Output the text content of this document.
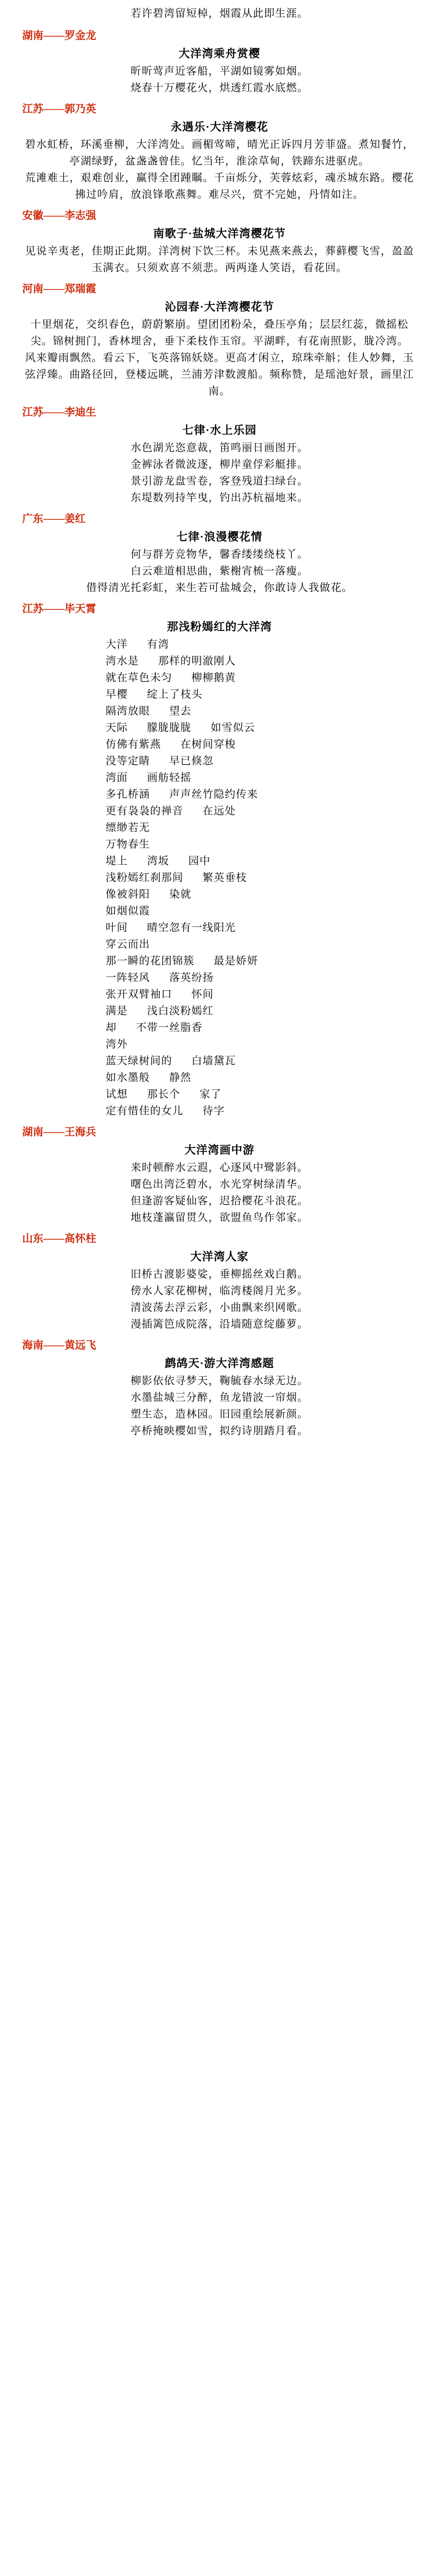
若许碧湾留短棹，烟霞从此即生涯。
湖南——罗金龙
大洋湾乘舟赏樱
昕昕莺声近客船，平湖如镜雾如烟。
烧春十万樱花火，烘透红霞水底燃。
江苏——郭乃英
永遇乐·大洋湾樱花
碧水虹桥，环溪垂柳，大洋湾处。画楣莺啼，晴光正诉四月芳菲盛。煮知餐竹，亭湖绿野，盆盏盏曾佳。忆当年，淮涂草甸，铁蹄东进驱虎。
荒滩难土，艰难创业，赢得全团踵瞩。千亩烁分，芙蓉炫彩，魂丞城东路。樱花拂过吟肩，放浪锋歌燕舞。难尽兴，赏不完她，丹情如注。
安徽——李志强
南歌子·盐城大洋湾樱花节
见说辛夷老，佳期正此期。洋湾树下饮三杯。未见燕来燕去，葬藓樱飞雪，盈盈玉满衣。只须欢喜不须悲。两两逢人笑语，看花回。
河南——郑瑞霞
沁园春·大洋湾樱花节
十里烟花，交织春色，蔚蔚繁崩。望团团粉朵，叠压亭角；层层红蕊，微摇松尖。锦树拥门，香林埋舍，垂下柔枝作玉帘。平湖畔，有花南照影，胧冷湾。
风来瓣雨飘然。看云下，飞英落锦妖娆。更高才闲立，琼珠牵斛；佳人妙舞，玉弦浮臻。曲路径回，登楼远眺，兰浦芳津数渡船。频称赞，是瑶池好景，画里江南。
江苏——李迪生
七律·水上乐园
水色湖光恣意裁，笛鸣丽日画图开。
金裤泳者微波逐，柳岸童俘彩艇排。
景引游龙盘雪卷，客登残道扫绿台。
东堤数列持竿曳，钓出苏杭福地来。
广东——姜红
七律·浪漫樱花情
何与群芳竞物华，馨香缕缕绕枝丫。
白云难道相思曲，紫榭宵梳一落瘦。
借得清光托彩虹，来生若可盐城会，你敢诗人我做花。
江苏——毕天霄
那浅粉嫣红的大洋湾
大洋      有湾
湾水是      那样的明澈刚人
就在草色未匀      柳柳鹅黄
早樱      绽上了枝头
隔湾放眼      望去
天际      朦胧胧胧      如雪似云
仿佛有紫燕      在树间穿梭
没等定睛      早已倏忽
湾面      画舫轻摇
多孔桥涵      声声丝竹隐约传来
更有袅袅的禅音      在远处
缥缈若无
万物春生
堤上      湾坂      园中
浅粉嫣红刹那间      繁英垂枝
像被斜阳      染就
如烟似霞
叶间      晴空忽有一线阳光
穿云而出
那一瞬的花团锦簇      最是娇妍
一阵轻风      落英纷扬
张开双臂袖口      怀间
满是      浅白淡粉嫣红
却      不带一丝脂香
湾外
蓝天绿树间的      白墙黛瓦
如水墨般      静然
试想      那长个      家了
定有惜佳的女儿      待字
湖南——王海兵
大洋湾画中游
来时顿醉水云遐，心逐风中鹭影斜。
曙色出湾泛碧水，水光穿树绿清华。
但逢游客疑仙客，迟拾樱花斗浪花。
地枝蓬瀛留贯久，欲盟鱼鸟作邻家。
山东——高怀柱
大洋湾人家
旧桥古渡影婆娑，垂柳摇丝戏白鹅。
傍水人家花柳树，临湾楼阁月光多。
清波荡去浮云彩，小曲飘来织网歌。
漫插篱笆成院落，沿墙随意绽藤萝。
海南——黄远飞
鹧鸪天·游大洋湾感题
柳影依依寻梦天，鞠毓春水绿无边。
水墨盐城三分醉，鱼龙错波一帘烟。
塑生态，造林园。旧园重绘展新颜。
亭桥掩映樱如雪，拟约诗朋踏月看。
